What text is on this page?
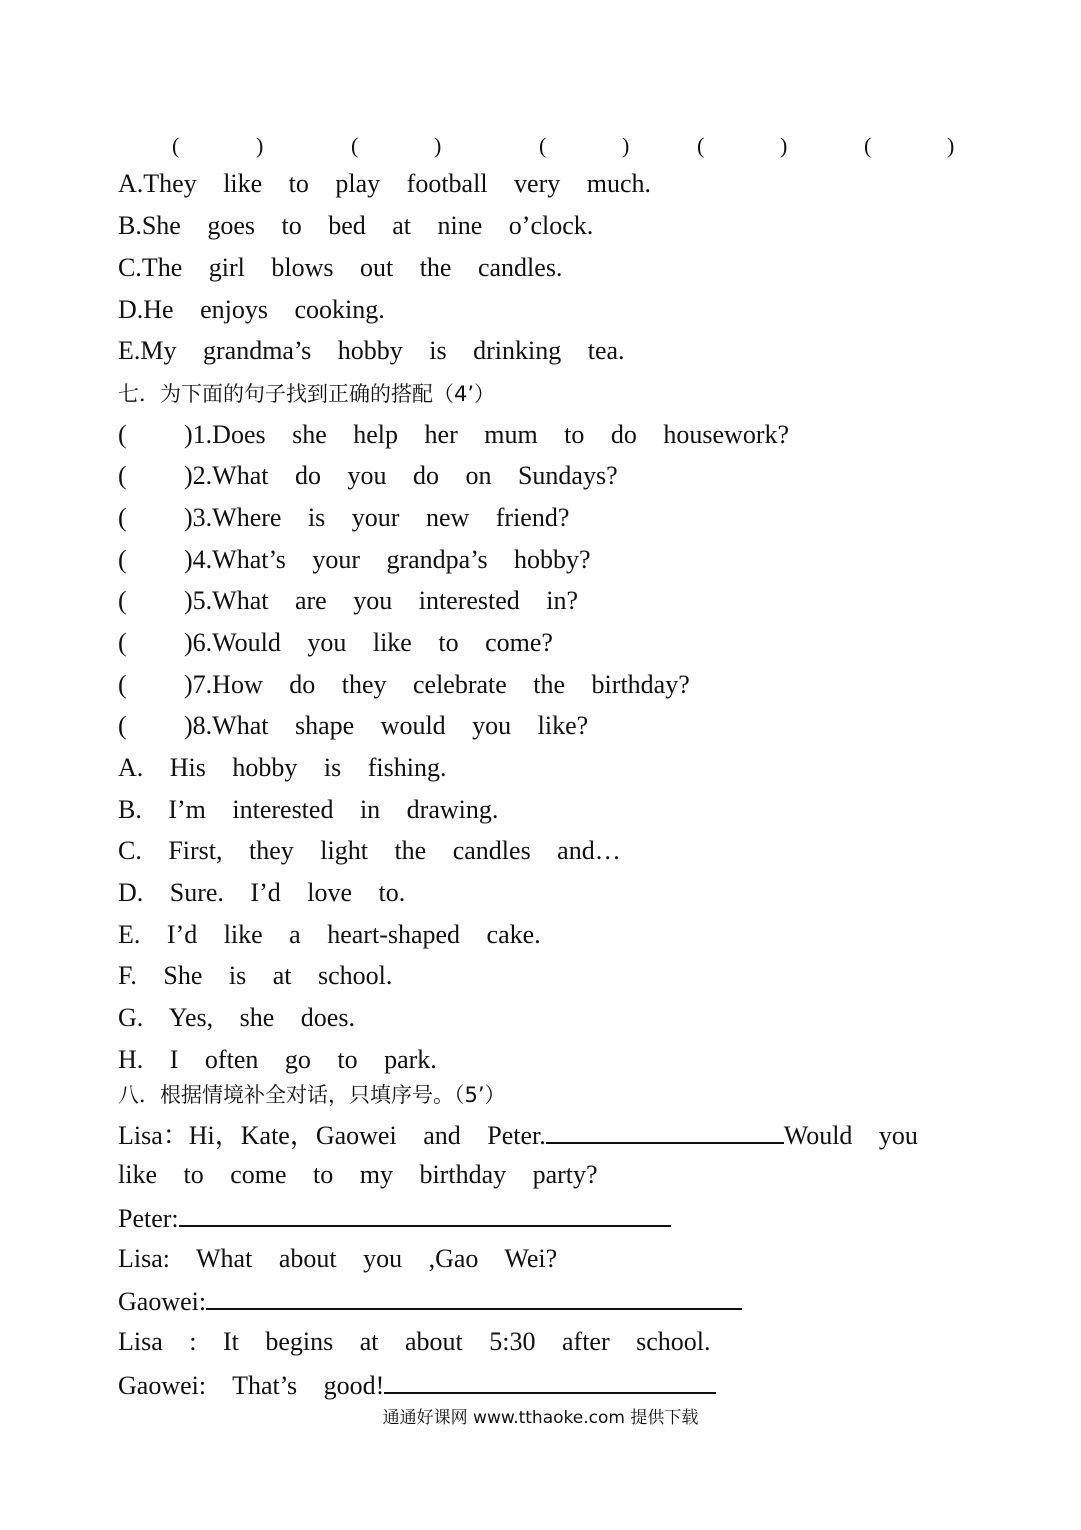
(	)	(	)	(	)	(	)	(	)
A.They like to play football very much.
B.She goes to bed at nine o’clock.
C.The girl blows out the candles.
D.He enjoys cooking.
E.My grandma’s hobby is drinking tea.
七．为下面的句子找到正确的搭配（4’）
( )1.Does she help her mum to do housework?
( )2.What do you do on Sundays?
( )3.Where is your new friend?
( )4.What’s your grandpa’s hobby?
( )5.What are you interested in?
( )6.Would you like to come?
( )7.How do they celebrate the birthday?
( )8.What shape would you like?
A. His hobby is fishing.
B. I’m interested in drawing.
C. First, they light the candles and…
D. Sure. I’d love to.
E. I’d like a heart-shaped cake.
F. She is at school.
G. Yes, she does.
H. I often go to park.
八．根据情境补全对话，只填序号。（5’）
Lisa：Hi，Kate，Gaowei and Peter.	Would you
like to come to my birthday party?
Peter:
Lisa: What about you ,Gao Wei?
Gaowei:
Lisa : It begins at about 5:30 after school.
Gaowei: That’s good!
通通好课网 www.tthaoke.com 提供下载
